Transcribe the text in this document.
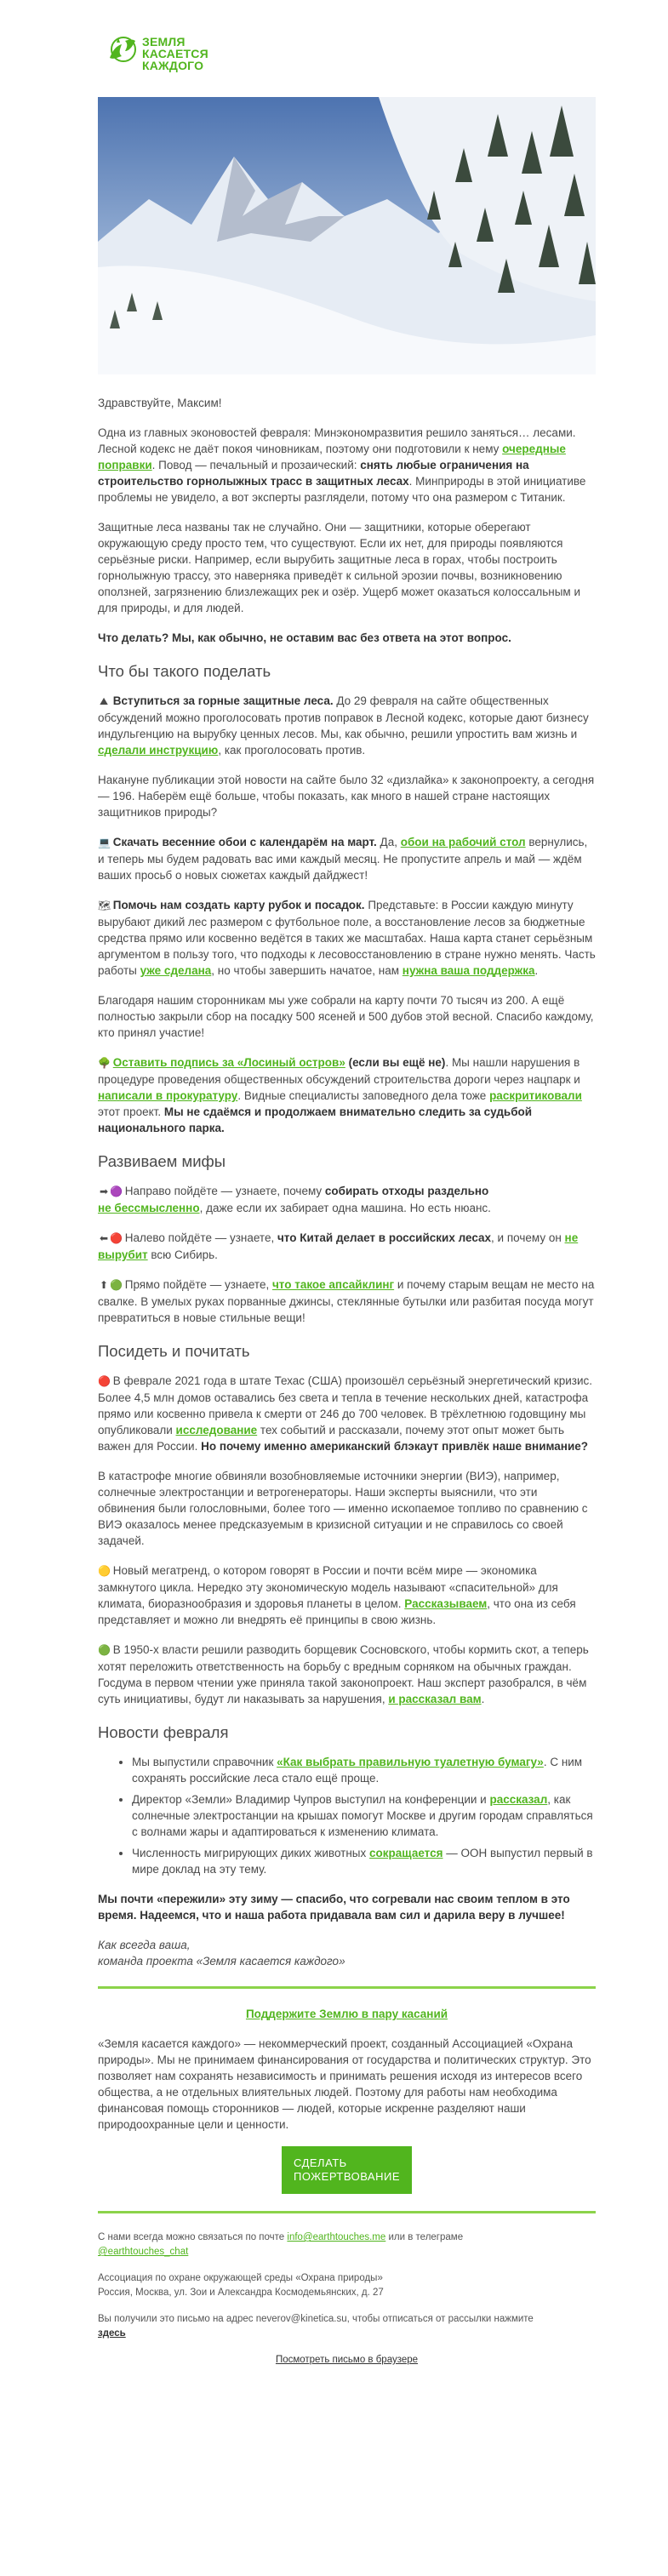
ЗЕМЛЯ
КАСАЕТСЯ
КАЖДОГО

Здравствуйте, Максим!

Одна из главных эконовостей февраля: Минэкономразвития решило заняться… лесами. Лесной кодекс не даёт покоя чиновникам, поэтому они подготовили к нему очередные поправки. Повод — печальный и прозаический: снять любые ограничения на строительство горнолыжных трасс в защитных лесах. Минприроды в этой инициативе проблемы не увидело, а вот эксперты разглядели, потому что она размером с Титаник.

Защитные леса названы так не случайно. Они — защитники, которые оберегают окружающую среду просто тем, что существуют. Если их нет, для природы появляются серьёзные риски. Например, если вырубить защитные леса в горах, чтобы построить горнолыжную трассу, это наверняка приведёт к сильной эрозии почвы, возникновению оползней, загрязнению близлежащих рек и озёр. Ущерб может оказаться колоссальным и для природы, и для людей.

Что делать? Мы, как обычно, не оставим вас без ответа на этот вопрос.

Что бы такого поделать

⛰ Вступиться за горные защитные леса. До 29 февраля на сайте общественных обсуждений можно проголосовать против поправок в Лесной кодекс, которые дают бизнесу индульгенцию на вырубку ценных лесов. Мы, как обычно, решили упростить вам жизнь и сделали инструкцию, как проголосовать против.

Накануне публикации этой новости на сайте было 32 «дизлайка» к законопроекту, а сегодня — 196. Наберём ещё больше, чтобы показать, как много в нашей стране настоящих защитников природы?

💻 Скачать весенние обои с календарём на март. Да, обои на рабочий стол вернулись, и теперь мы будем радовать вас ими каждый месяц. Не пропустите апрель и май — ждём ваших просьб о новых сюжетах каждый дайджест!

🗺 Помочь нам создать карту рубок и посадок. Представьте: в России каждую минуту вырубают дикий лес размером с футбольное поле, а восстановление лесов за бюджетные средства прямо или косвенно ведётся в таких же масштабах. Наша карта станет серьёзным аргументом в пользу того, что подходы к лесовосстановлению в стране нужно менять. Часть работы уже сделана, но чтобы завершить начатое, нам нужна ваша поддержка.

Благодаря нашим сторонникам мы уже собрали на карту почти 70 тысяч из 200. А ещё полностью закрыли сбор на посадку 500 ясеней и 500 дубов этой весной. Спасибо каждому, кто принял участие!

🌳 Оставить подпись за «Лосиный остров» (если вы ещё не). Мы нашли нарушения в процедуре проведения общественных обсуждений строительства дороги через нацпарк и написали в прокуратуру. Видные специалисты заповедного дела тоже раскритиковали этот проект. Мы не сдаёмся и продолжаем внимательно следить за судьбой национального парка.

Развиваем мифы

➡ 🟣 Направо пойдёте — узнаете, почему собирать отходы раздельно
не бессмысленно, даже если их забирает одна машина. Но есть нюанс.

⬅ 🔴 Налево пойдёте — узнаете, что Китай делает в российских лесах, и почему он не вырубит всю Сибирь.

⬆ 🟢 Прямо пойдёте — узнаете, что такое апсайклинг и почему старым вещам не место на свалке. В умелых руках порванные джинсы, стеклянные бутылки или разбитая посуда могут превратиться в новые стильные вещи!

Посидеть и почитать

🔴 В феврале 2021 года в штате Техас (США) произошёл серьёзный энергетический кризис. Более 4,5 млн домов оставались без света и тепла в течение нескольких дней, катастрофа прямо или косвенно привела к смерти от 246 до 700 человек. В трёхлетнюю годовщину мы опубликовали исследование тех событий и рассказали, почему этот опыт может быть важен для России. Но почему именно американский блэкаут привлёк наше внимание?

В катастрофе многие обвиняли возобновляемые источники энергии (ВИЭ), например, солнечные электростанции и ветрогенераторы. Наши эксперты выяснили, что эти обвинения были голословными, более того — именно ископаемое топливо по сравнению с ВИЭ оказалось менее предсказуемым в кризисной ситуации и не справилось со своей задачей.

🟡 Новый мегатренд, о котором говорят в России и почти всём мире — экономика замкнутого цикла. Нередко эту экономическую модель называют «спасительной» для климата, биоразнообразия и здоровья планеты в целом. Рассказываем, что она из себя представляет и можно ли внедрять её принципы в свою жизнь.

🟢 В 1950-х власти решили разводить борщевик Сосновского, чтобы кормить скот, а теперь хотят переложить ответственность на борьбу с вредным сорняком на обычных граждан. Госдума в первом чтении уже приняла такой законопроект. Наш эксперт разобрался, в чём суть инициативы, будут ли наказывать за нарушения, и рассказал вам.

Новости февраля
• Мы выпустили справочник «Как выбрать правильную туалетную бумагу». С ним сохранять российские леса стало ещё проще.
• Директор «Земли» Владимир Чупров выступил на конференции и рассказал, как солнечные электростанции на крышах помогут Москве и другим городам справляться с волнами жары и адаптироваться к изменению климата.
• Численность мигрирующих диких животных сокращается — ООН выпустил первый в мире доклад на эту тему.

Мы почти «пережили» эту зиму — спасибо, что согревали нас своим теплом в это время. Надеемся, что и наша работа придавала вам сил и дарила веру в лучшее!

Как всегда ваша,
команда проекта «Земля касается каждого»

Поддержите Землю в пару касаний

«Земля касается каждого» — некоммерческий проект, созданный Ассоциацией «Охрана природы». Мы не принимаем финансирования от государства и политических структур. Это позволяет нам сохранять независимость и принимать решения исходя из интересов всего общества, а не отдельных влиятельных людей. Поэтому для работы нам необходима финансовая помощь сторонников — людей, которые искренне разделяют наши природоохранные цели и ценности.

СДЕЛАТЬ
ПОЖЕРТВОВАНИЕ

С нами всегда можно связаться по почте info@earthtouches.me или в телеграме
@earthtouches_chat

Ассоциация по охране окружающей среды «Охрана природы»
Россия, Москва, ул. Зои и Александра Космодемьянских, д. 27

Вы получили это письмо на адрес neverov@kinetica.su, чтобы отписаться от рассылки нажмите
здесь

Посмотреть письмо в браузере
